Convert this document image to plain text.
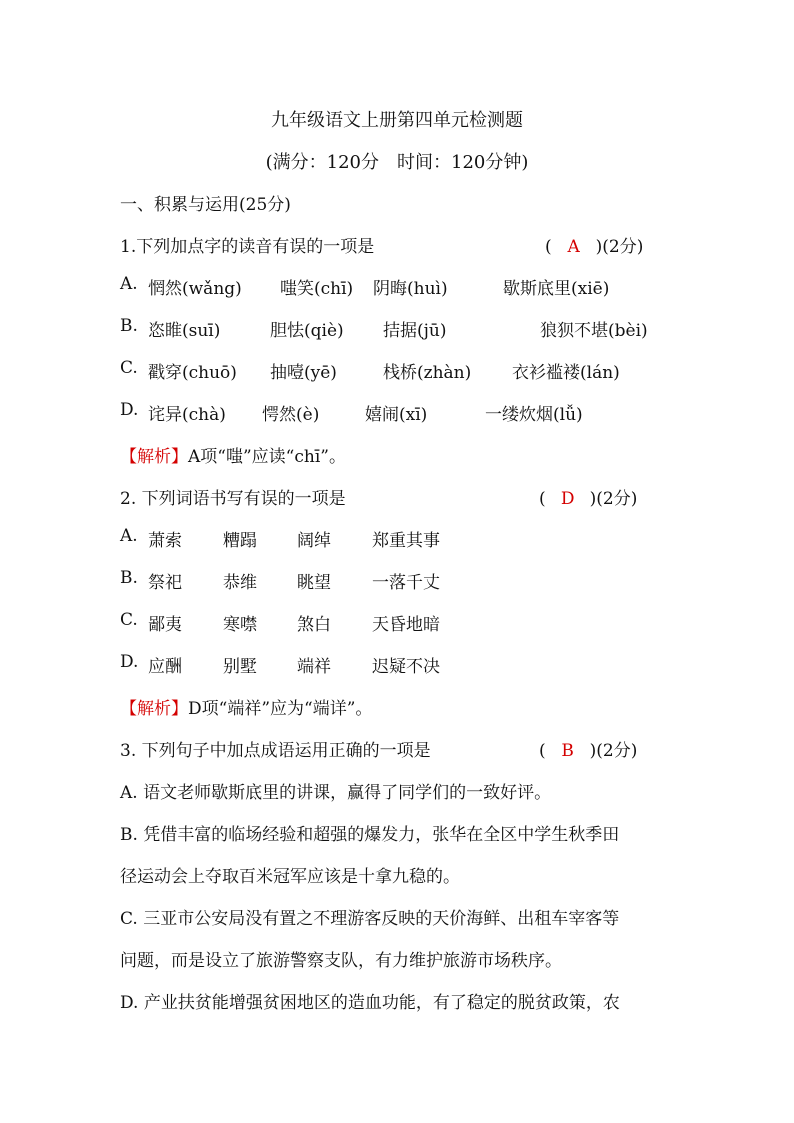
九年级语文上册第四单元检测题
(满分：120分　时间：120分钟)
一、积累与运用(25分)
1.下列加点字的读音有误的一项是	( A )(2分)
A. 惘然(wǎng) 嗤笑(chī) 阴晦(huì)	歇斯底里(xiē)
B. 恣睢(suī)	胆怯(qiè) 拮据(jū)	狼狈不堪(bèi)
C. 戳穿(chuō) 抽噎(yē)	栈桥(zhàn) 衣衫褴褛(lán)
D. 诧异(chà) 愕然(è)	嬉闹(xī)	一缕炊烟(lǚ)
【解析】A项“嗤”应读“chī”。
2. 下列词语书写有误的一项是	( D )(2分)
A. 萧索 糟蹋 阔绰 郑重其事
B. 祭祀 恭维 眺望 一落千丈
C. 鄙夷 寒噤 煞白 天昏地暗
D. 应酬 别墅 端祥 迟疑不决
【解析】D项“端祥”应为“端详”。
3. 下列句子中加点成语运用正确的一项是	( B )(2分)
A. 语文老师歇斯底里的讲课，赢得了同学们的一致好评。
B. 凭借丰富的临场经验和超强的爆发力，张华在全区中学生秋季田
径运动会上夺取百米冠军应该是十拿九稳的。
C. 三亚市公安局没有置之不理游客反映的天价海鲜、出租车宰客等
问题，而是设立了旅游警察支队，有力维护旅游市场秩序。
D. 产业扶贫能增强贫困地区的造血功能，有了稳定的脱贫政策，农
